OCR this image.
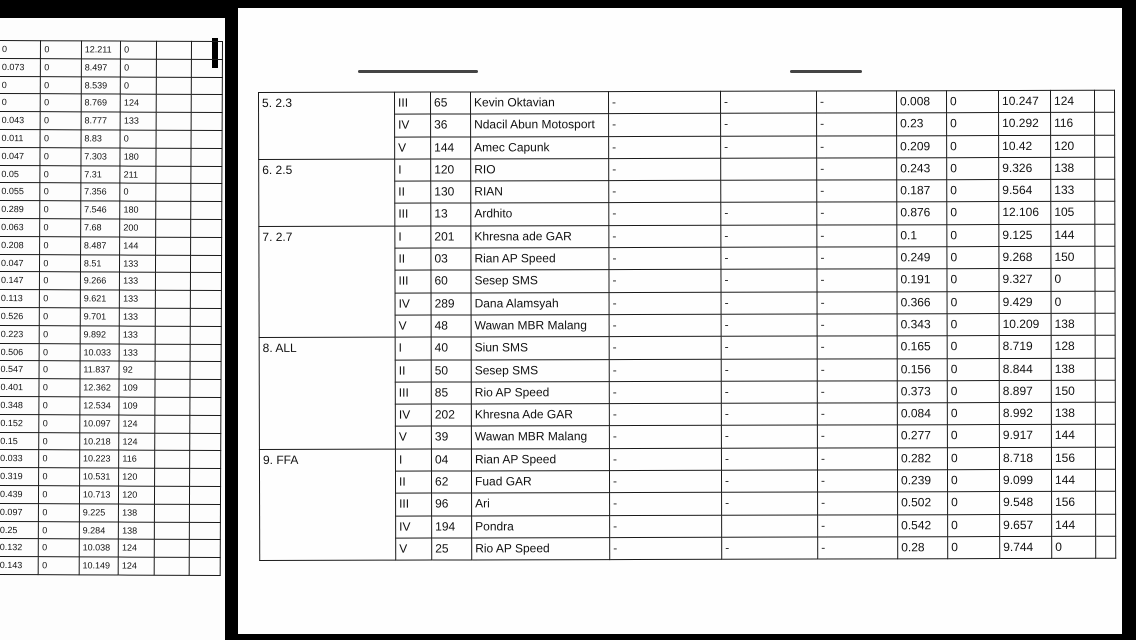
0	0	12.211	0		
0.073	0	8.497	0		
0	0	8.539	0		
0	0	8.769	124		
0.043	0	8.777	133		
0.011	0	8.83	0		
0.047	0	7.303	180		
0.05	0	7.31	211		
0.055	0	7.356	0		
0.289	0	7.546	180		
0.063	0	7.68	200		
0.208	0	8.487	144		
0.047	0	8.51	133		
0.147	0	9.266	133		
0.113	0	9.621	133		
0.526	0	9.701	133		
0.223	0	9.892	133		
0.506	0	10.033	133		
0.547	0	11.837	92		
0.401	0	12.362	109		
0.348	0	12.534	109		
0.152	0	10.097	124		
0.15	0	10.218	124		
0.033	0	10.223	116		
0.319	0	10.531	120		
0.439	0	10.713	120		
0.097	0	9.225	138		
0.25	0	9.284	138		
0.132	0	10.038	124		
0.143	0	10.149	124		
5. 2.3	III	65	Kevin Oktavian	-	-	-	0.008	0	10.247	124	
	IV	36	Ndacil Abun Motosport	-	-	-	0.23	0	10.292	116	
	V	144	Amec Capunk	-	-	-	0.209	0	10.42	120	
6. 2.5	I	120	RIO	-		-	0.243	0	9.326	138	
	II	130	RIAN	-		-	0.187	0	9.564	133	
	III	13	Ardhito	-	-	-	0.876	0	12.106	105	
7. 2.7	I	201	Khresna ade GAR	-	-	-	0.1	0	9.125	144	
	II	03	Rian AP Speed	-	-	-	0.249	0	9.268	150	
	III	60	Sesep SMS	-	-	-	0.191	0	9.327	0	
	IV	289	Dana Alamsyah	-	-	-	0.366	0	9.429	0	
	V	48	Wawan MBR Malang	-	-	-	0.343	0	10.209	138	
8. ALL	I	40	Siun SMS	-	-	-	0.165	0	8.719	128	
	II	50	Sesep SMS	-	-	-	0.156	0	8.844	138	
	III	85	Rio AP Speed	-	-	-	0.373	0	8.897	150	
	IV	202	Khresna Ade GAR	-	-	-	0.084	0	8.992	138	
	V	39	Wawan MBR Malang	-	-	-	0.277	0	9.917	144	
9. FFA	I	04	Rian AP Speed	-	-	-	0.282	0	8.718	156	
	II	62	Fuad GAR	-	-	-	0.239	0	9.099	144	
	III	96	Ari	-	-	-	0.502	0	9.548	156	
	IV	194	Pondra	-		-	0.542	0	9.657	144	
	V	25	Rio AP Speed	-	-	-	0.28	0	9.744	0	
